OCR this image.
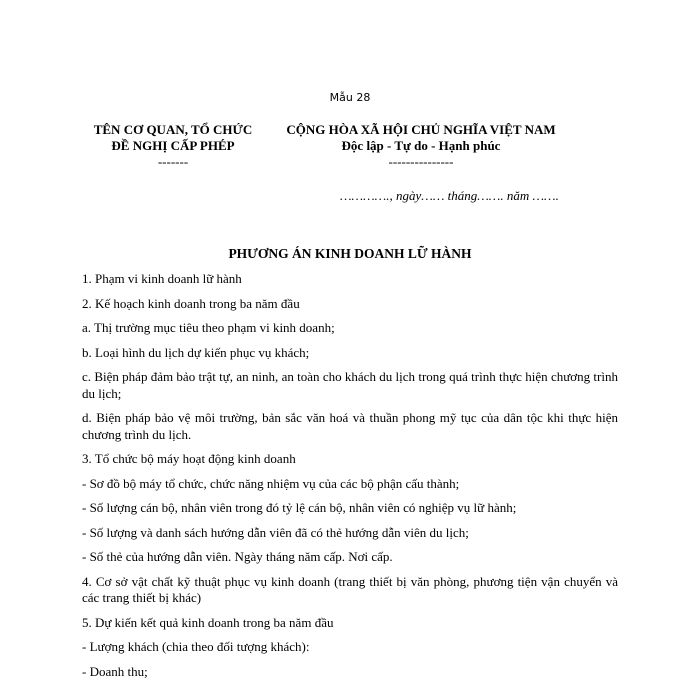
Mẫu 28
TÊN CƠ QUAN, TỔ CHỨC
ĐỀ NGHỊ CẤP PHÉP
-------
CỘNG HÒA XÃ HỘI CHỦ NGHĨA VIỆT NAM
Độc lập - Tự do - Hạnh phúc
---------------
…………., ngày…… tháng……. năm …….
PHƯƠNG ÁN KINH DOANH LỮ HÀNH

1. Phạm vi kinh doanh lữ hành

2. Kế hoạch kinh doanh trong ba năm đầu

a. Thị trường mục tiêu theo phạm vi kinh doanh;

b. Loại hình du lịch dự kiến phục vụ khách;

c. Biện pháp đảm bảo trật tự, an ninh, an toàn cho khách du lịch trong quá trình thực hiện chương trình du lịch;

d. Biện pháp bảo vệ môi trường, bản sắc văn hoá và thuần phong mỹ tục của dân tộc khi thực hiện chương trình du lịch.

3. Tổ chức bộ máy hoạt động kinh doanh

- Sơ đồ bộ máy tổ chức, chức năng nhiệm vụ của các bộ phận cấu thành;

- Số lượng cán bộ, nhân viên trong đó tỷ lệ cán bộ, nhân viên có nghiệp vụ lữ hành;

- Số lượng và danh sách hướng dẫn viên đã có thẻ hướng dẫn viên du lịch;

- Số thẻ của hướng dẫn viên. Ngày tháng năm cấp. Nơi cấp.

4. Cơ sở vật chất kỹ thuật phục vụ kinh doanh (trang thiết bị văn phòng, phương tiện vận chuyển và các trang thiết bị khác)

5. Dự kiến kết quả kinh doanh trong ba năm đầu

- Lượng khách (chia theo đối tượng khách):

- Doanh thu;
